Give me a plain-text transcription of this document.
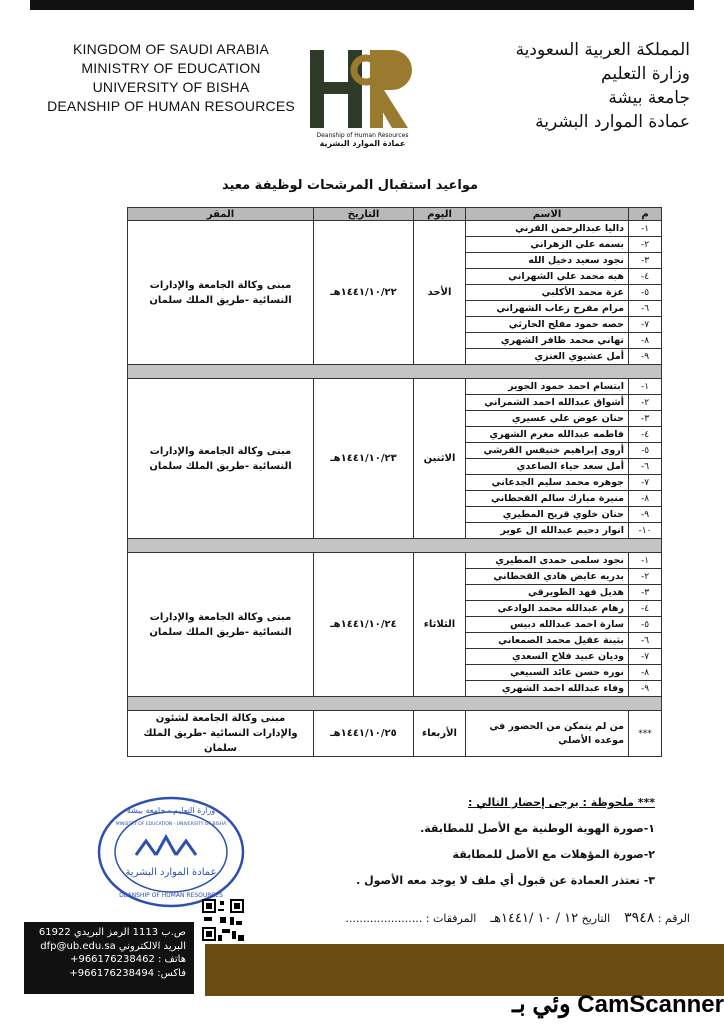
KINGDOM OF SAUDI ARABIA
MINISTRY OF EDUCATION
UNIVERSITY OF BISHA
DEANSHIP OF HUMAN RESOURCES
Deanship of Human Resources
عمادة الموارد البشرية
المملكة العربية السعودية
وزارة التعليم
جامعة بيشة
عمادة الموارد البشرية
مواعيد استقبال المرشحات لوظيفة معيد
م	الاسم	اليوم	التاريخ	المقر
١-	داليا عبدالرحمن القرني	الأحد	١٤٤١/١٠/٢٢هـ	مبنى وكالة الجامعة والإدارات النسائية -طريق الملك سلمان
٢-	بسمه علي الزهراني			
٣-	نجود سعيد دخيل الله			
٤-	هبه محمد علي الشهراني			
٥-	عزة محمد الأكلبي			
٦-	مرام مفرح زعاب الشهراني			
٧-	حصه حمود مفلح الحارثي			
٨-	تهاني محمد ظافر الشهري			
٩-	أمل عشيوي العنزي			

١-	ابتسام احمد حمود الجوير	الاثنين	١٤٤١/١٠/٢٣هـ	مبنى وكالة الجامعة والإدارات النسائية -طريق الملك سلمان
٢-	أشواق عبدالله احمد الشمراني			
٣-	حنان عوض علي عسيري			
٤-	فاطمه عبدالله مغرم الشهري			
٥-	أروى إبراهيم خنيفس القرشي			
٦-	أمل سعد حياء الصاعدي			
٧-	جوهره محمد سليم الجدعاني			
٨-	منيرة مبارك سالم القحطاني			
٩-	حنان خلوي قريح المطيري			
١٠-	انوار دحيم عبدالله ال عوير			

١-	نجود سلمى حمدى المطيري	الثلاثاء	١٤٤١/١٠/٢٤هـ	مبنى وكالة الجامعة والإدارات النسائية -طريق الملك سلمان
٢-	بدريه عايض هادي القحطاني			
٣-	هديل فهد الطويرقي			
٤-	رهام عبدالله محمد الوادعي			
٥-	سارة احمد عبدالله دبيس			
٦-	بثينة عقيل محمد الصمعاني			
٧-	وديان عبيد فلاح السعدي			
٨-	نوره حسن عائد السبيعي			
٩-	وفاء عبدالله احمد الشهري			

***	من لم يتمكن من الحضور في موعده الأصلي	الأربعاء	١٤٤١/١٠/٢٥هـ	مبنى وكالة الجامعة لشئون والإدارات النسائية -طريق الملك سلمان
*** ملحوظة : يرجى إحضار التالي :
١-صورة الهوية الوطنية مع الأصل للمطابقة.
٢-صورة المؤهلات مع الأصل للمطابقة
٣- تعتذر العمادة عن قبول أي ملف لا يوجد معه الأصول .
وزارة التعليم - جامعة بيشة
MINISTRY OF EDUCATION - UNIVERSITY OF BISHA
عمادة الموارد البشرية
DEANSHIP OF HUMAN RESOURCES
الرقم : ٣٩٤٨    التاريخ ١٢ / ١٠ /١٤٤١هـ    المرفقات : ......................
ص.ب 1113 الرمز البريدي 61922
البريد الالكتروني dfp@ub.edu.sa
هاتف : 966176238462+
فاكس: 966176238494+
وئي بـ CamScanner
